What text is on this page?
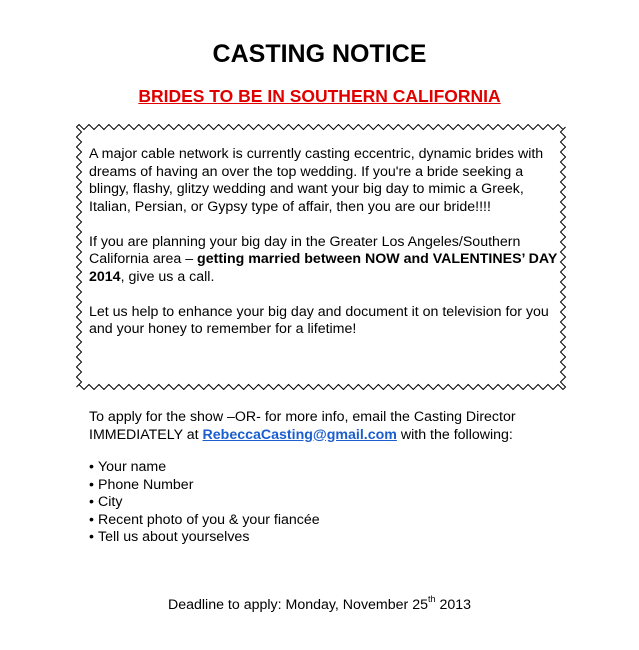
CASTING NOTICE
BRIDES TO BE IN SOUTHERN CALIFORNIA

A major cable network is currently casting eccentric, dynamic brides with dreams of having an over the top wedding. If you're a bride seeking a blingy, flashy, glitzy wedding and want your big day to mimic a Greek, Italian, Persian, or Gypsy type of affair, then you are our bride!!!!

If you are planning your big day in the Greater Los Angeles/Southern California area – getting married between NOW and VALENTINES’ DAY 2014, give us a call.

Let us help to enhance your big day and document it on television for you and your honey to remember for a lifetime!

To apply for the show –OR- for more info, email the Casting Director IMMEDIATELY at RebeccaCasting@gmail.com with the following:

• Your name
• Phone Number
• City
• Recent photo of you & your fiancée
• Tell us about yourselves

Deadline to apply: Monday, November 25th 2013
